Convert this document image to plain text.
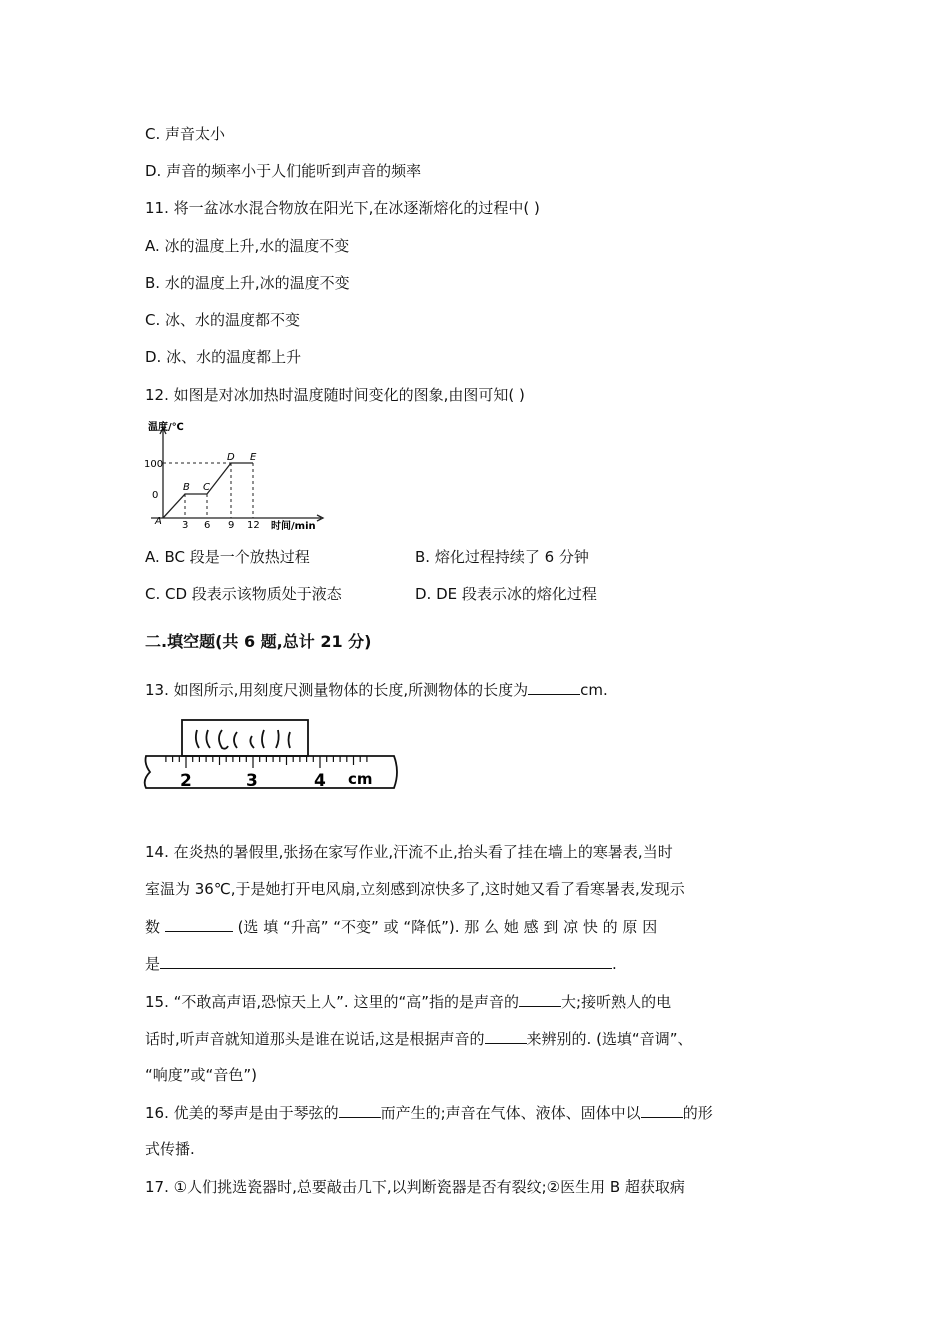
C. 声音太小
D. 声音的频率小于人们能听到声音的频率
11. 将一盆冰水混合物放在阳光下,在冰逐渐熔化的过程中( )
A. 冰的温度上升,水的温度不变
B. 水的温度上升,冰的温度不变
C. 冰、水的温度都不变
D. 冰、水的温度都上升
12. 如图是对冰加热时温度随时间变化的图象,由图可知( )
温度/℃
100
0
3 6 9 12 时间/min
A
B C
D E
A. BC 段是一个放热过程	B. 熔化过程持续了 6 分钟
C. CD 段表示该物质处于液态	D. DE 段表示冰的熔化过程
二.填空题(共 6 题,总计 21 分)
13. 如图所示,用刻度尺测量物体的长度,所测物体的长度为	cm.
2	3	4 cm
14. 在炎热的暑假里,张扬在家写作业,汗流不止,抬头看了挂在墙上的寒暑表,当时
室温为 36℃,于是她打开电风扇,立刻感到凉快多了,这时她又看了看寒暑表,发现示
数	(选 填 “升高” “不变” 或 “降低”). 那 么 她 感 到 凉 快 的 原 因
是	.
15. “不敢高声语,恐惊天上人”. 这里的“高”指的是声音的	大;接听熟人的电
话时,听声音就知道那头是谁在说话,这是根据声音的	来辨别的. (选填“音调”、
“响度”或“音色”)
16. 优美的琴声是由于琴弦的	而产生的;声音在气体、液体、固体中以	的形
式传播.
17. ①人们挑选瓷器时,总要敲击几下,以判断瓷器是否有裂纹;②医生用 B 超获取病
